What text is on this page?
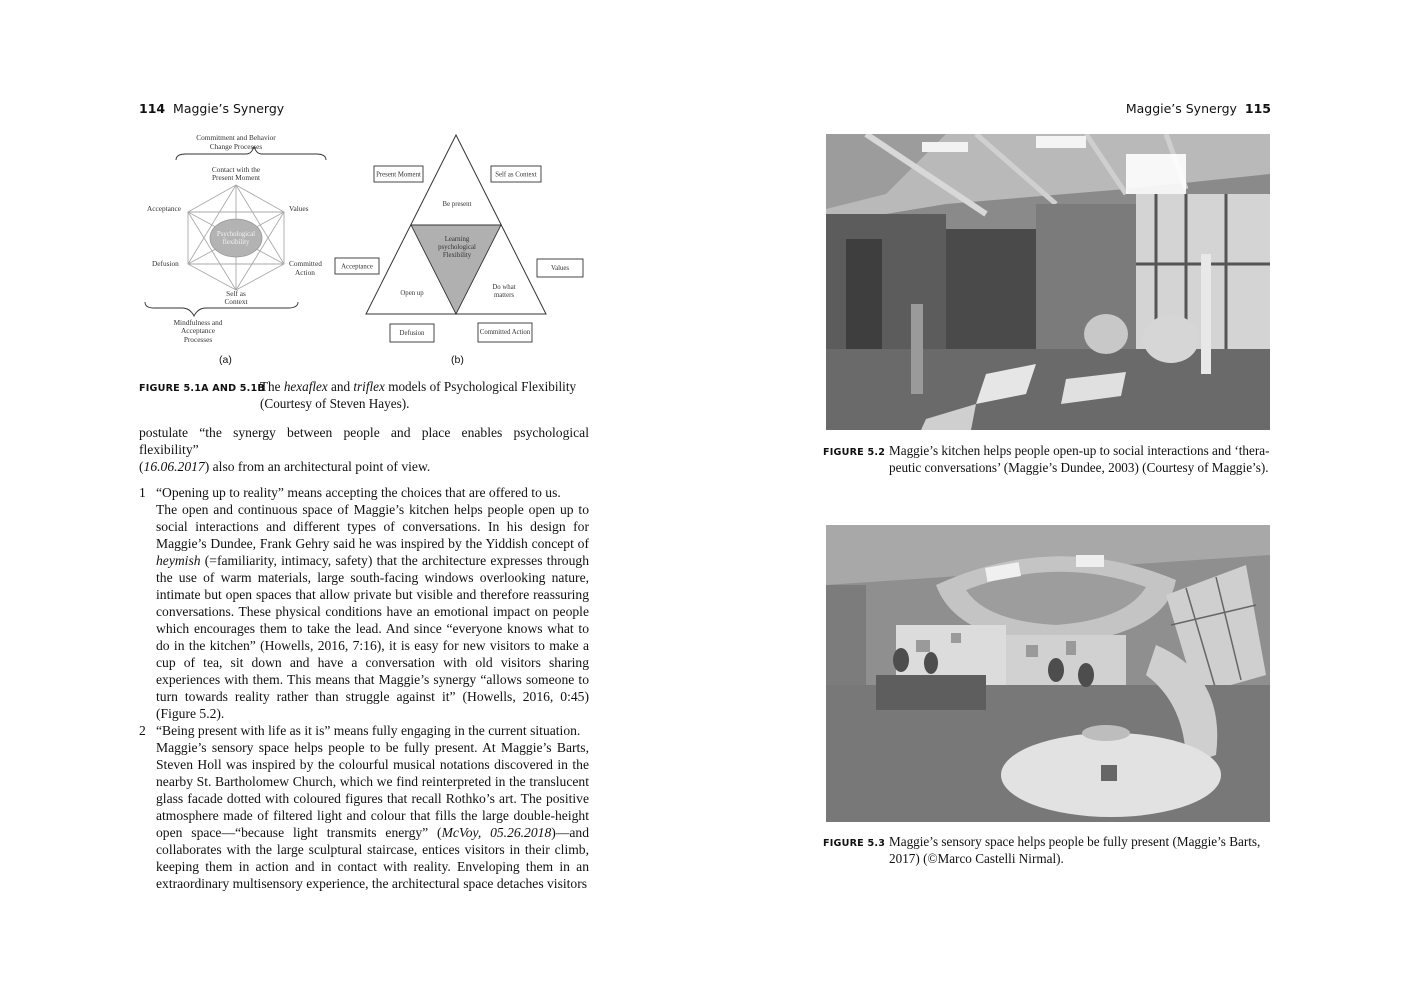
114 Maggie’s Synergy
Commitment and Behavior
Change Processes
Contact with the
Present Moment
Psychological
flexibility
Acceptance	Values
Defusion	Committed
Action
Self as
Context
Mindfulness and
Acceptance
Processes
(a)
Present Moment	Self as Context
Be present
Learning
psychological
Flexibility
Acceptance	Values
Open up
Do what
matters
Defusion	Committed Action
(b)
FIGURE 5.1A AND 5.1B
The hexaflex and triflex models of Psychological Flexibility
(Courtesy of Steven Hayes).

postulate “the synergy between people and place enables psychological flexibility”
(16.06.2017) also from an architectural point of view.

1 “Opening up to reality” means accepting the choices that are offered to us.
The open and continuous space of Maggie’s kitchen helps people open up to social interactions and different types of conversations. In his design for Maggie’s Dundee, Frank Gehry said he was inspired by the Yiddish concept of heymish (=familiarity, intimacy, safety) that the architecture expresses through the use of warm materials, large south-facing windows overlooking nature, intimate but open spaces that allow private but visible and therefore reassuring conversations. These physical conditions have an emotional impact on people which encourages them to take the lead. And since “everyone knows what to do in the kitchen” (Howells, 2016, 7:16), it is easy for new visitors to make a cup of tea, sit down and have a conversation with old visitors sharing experiences with them. This means that Maggie’s synergy “allows someone to turn towards reality rather than struggle against it” (Howells, 2016, 0:45) (Figure 5.2).
2 “Being present with life as it is” means fully engaging in the current situation.
Maggie’s sensory space helps people to be fully present. At Maggie’s Barts, Steven Holl was inspired by the colourful musical notations discovered in the nearby St. Bartholomew Church, which we find reinterpreted in the translucent glass facade dotted with coloured figures that recall Rothko’s art. The positive atmosphere made of filtered light and colour that fills the large double-height open space—“because light transmits energy” (McVoy, 05.26.2018)—and collaborates with the large sculptural staircase, entices visitors in their climb, keeping them in action and in contact with reality. Enveloping them in an extraordinary multisensory experience, the architectural space detaches visitors
Maggie’s Synergy 115
FIGURE 5.2 Maggie’s kitchen helps people open-up to social interactions and ‘thera-
peutic conversations’ (Maggie’s Dundee, 2003) (Courtesy of Maggie’s).
FIGURE 5.3 Maggie’s sensory space helps people be fully present (Maggie’s Barts,
2017) (©Marco Castelli Nirmal).
